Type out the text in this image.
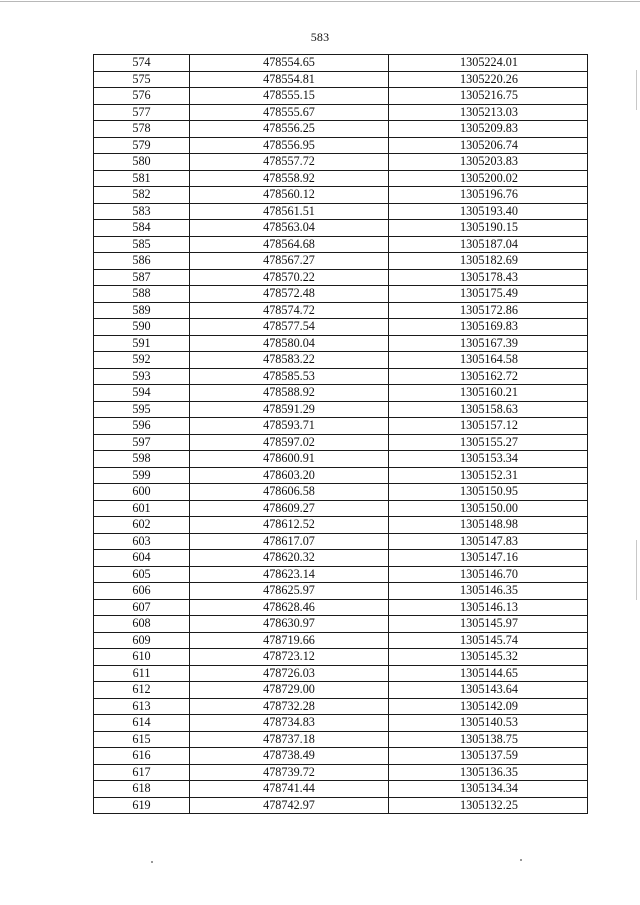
583
574	478554.65	1305224.01
575	478554.81	1305220.26
576	478555.15	1305216.75
577	478555.67	1305213.03
578	478556.25	1305209.83
579	478556.95	1305206.74
580	478557.72	1305203.83
581	478558.92	1305200.02
582	478560.12	1305196.76
583	478561.51	1305193.40
584	478563.04	1305190.15
585	478564.68	1305187.04
586	478567.27	1305182.69
587	478570.22	1305178.43
588	478572.48	1305175.49
589	478574.72	1305172.86
590	478577.54	1305169.83
591	478580.04	1305167.39
592	478583.22	1305164.58
593	478585.53	1305162.72
594	478588.92	1305160.21
595	478591.29	1305158.63
596	478593.71	1305157.12
597	478597.02	1305155.27
598	478600.91	1305153.34
599	478603.20	1305152.31
600	478606.58	1305150.95
601	478609.27	1305150.00
602	478612.52	1305148.98
603	478617.07	1305147.83
604	478620.32	1305147.16
605	478623.14	1305146.70
606	478625.97	1305146.35
607	478628.46	1305146.13
608	478630.97	1305145.97
609	478719.66	1305145.74
610	478723.12	1305145.32
611	478726.03	1305144.65
612	478729.00	1305143.64
613	478732.28	1305142.09
614	478734.83	1305140.53
615	478737.18	1305138.75
616	478738.49	1305137.59
617	478739.72	1305136.35
618	478741.44	1305134.34
619	478742.97	1305132.25
